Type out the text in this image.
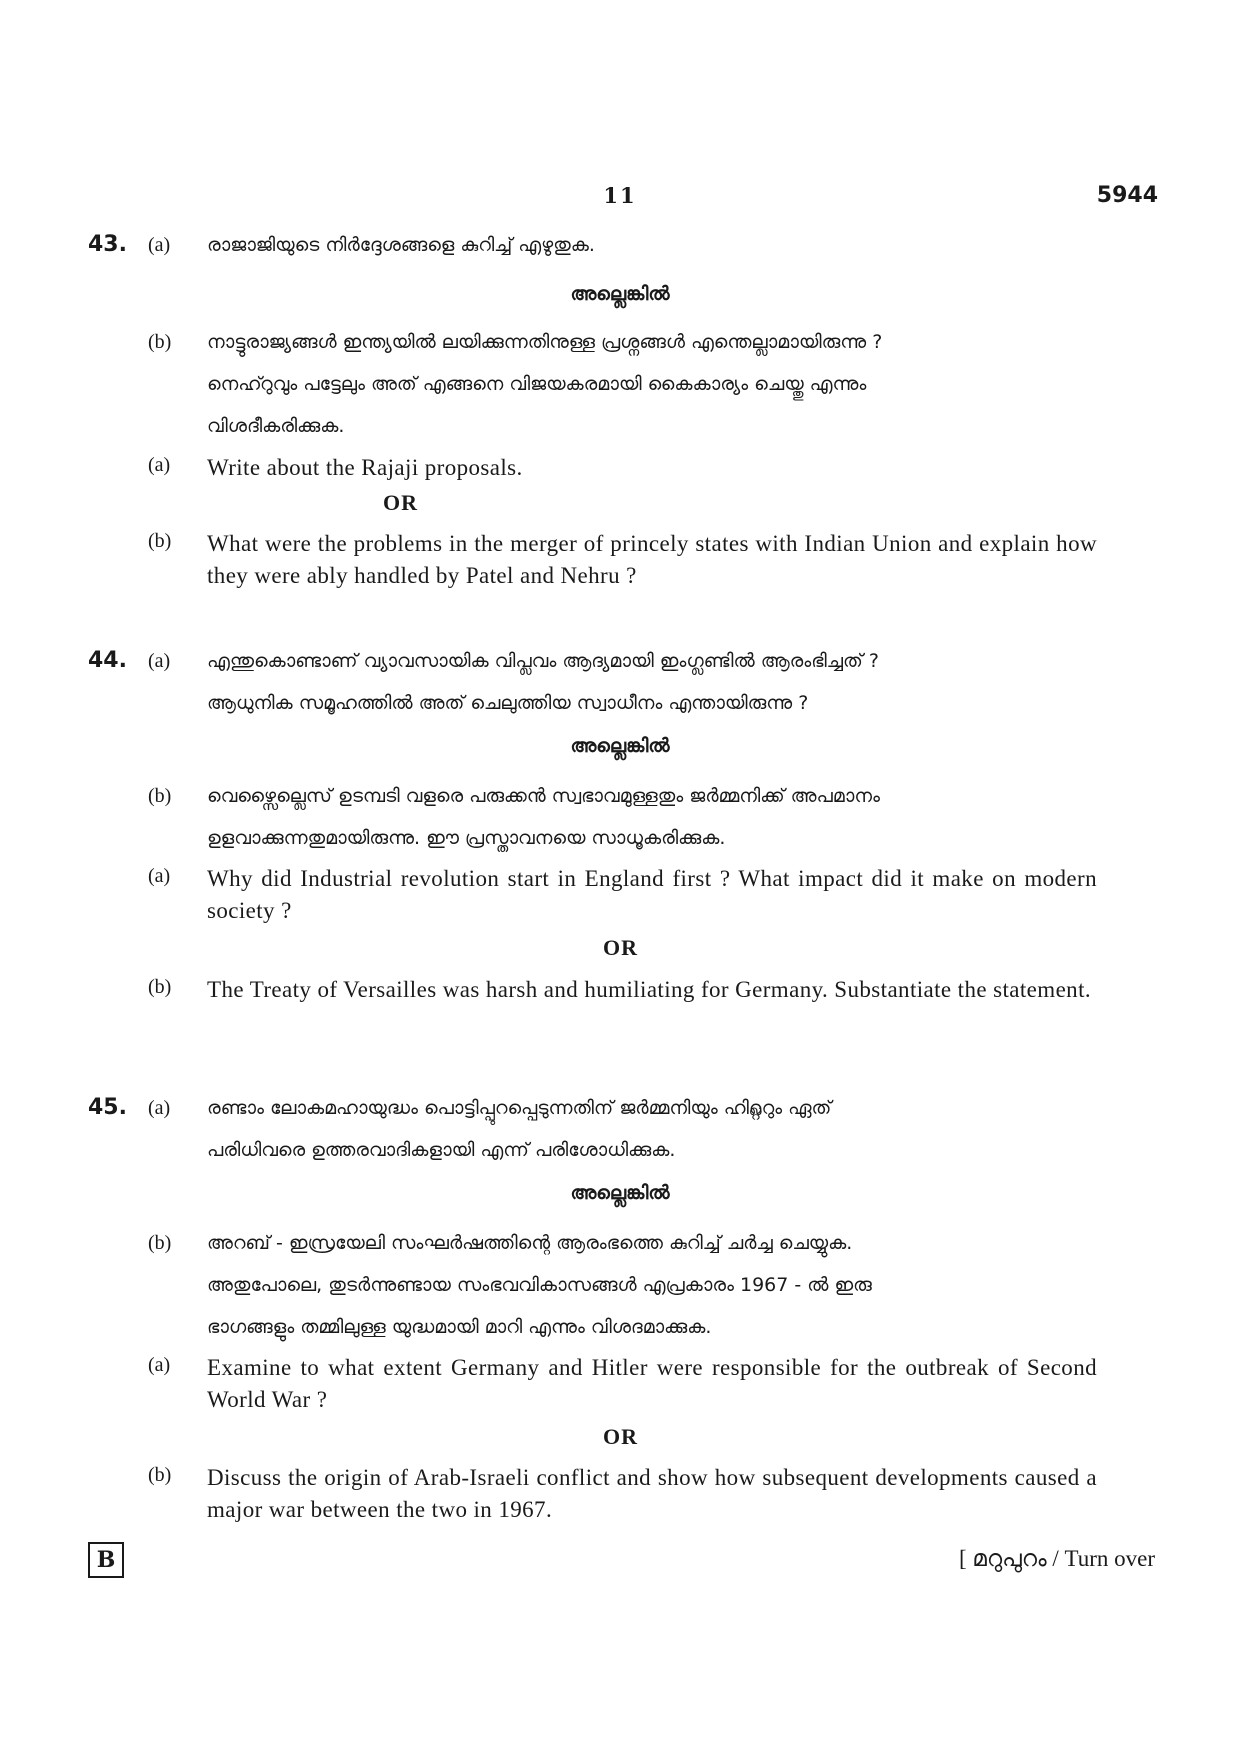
11	5944
43. (a) രാജാജിയുടെ നിർദ്ദേശങ്ങളെ കുറിച്ച് എഴുതുക.
അല്ലെങ്കിൽ
(b) നാട്ടുരാജ്യങ്ങൾ ഇന്ത്യയിൽ ലയിക്കുന്നതിനുള്ള പ്രശ്നങ്ങൾ എന്തെല്ലാമായിരുന്നു ?
നെഹ്റുവും പട്ടേലും അത് എങ്ങനെ വിജയകരമായി കൈകാര്യം ചെയ്തു എന്നും
വിശദീകരിക്കുക.
(a) Write about the Rajaji proposals.
OR
(b) What were the problems in the merger of princely states with Indian Union and explain how they were ably handled by Patel and Nehru ?
44. (a) എന്തുകൊണ്ടാണ് വ്യാവസായിക വിപ്ലവം ആദ്യമായി ഇംഗ്ലണ്ടിൽ ആരംഭിച്ചത് ?
ആധുനിക സമൂഹത്തിൽ അത് ചെലുത്തിയ സ്വാധീനം എന്തായിരുന്നു ?
അല്ലെങ്കിൽ
(b) വെഴ്സൈല്ലെസ് ഉടമ്പടി വളരെ പരുക്കൻ സ്വഭാവമുള്ളതും ജർമ്മനിക്ക് അപമാനം
ഉളവാക്കുന്നതുമായിരുന്നു. ഈ പ്രസ്താവനയെ സാധൂകരിക്കുക.
(a) Why did Industrial revolution start in England first ? What impact did it make on modern society ?
OR
(b) The Treaty of Versailles was harsh and humiliating for Germany. Substantiate the statement.
45. (a) രണ്ടാം ലോകമഹായുദ്ധം പൊട്ടിപ്പുറപ്പെടുന്നതിന് ജർമ്മനിയും ഹിറ്റ്ലറും ഏത്
പരിധിവരെ ഉത്തരവാദികളായി എന്ന് പരിശോധിക്കുക.
അല്ലെങ്കിൽ
(b) അറബ് - ഇസ്രയേലി സംഘർഷത്തിന്റെ ആരംഭത്തെ കുറിച്ച് ചർച്ച ചെയ്യുക.
അതുപോലെ, തുടർന്നുണ്ടായ സംഭവവികാസങ്ങൾ എപ്രകാരം 1967 - ൽ ഇരു
ഭാഗങ്ങളും തമ്മിലുള്ള യുദ്ധമായി മാറി എന്നും വിശദമാക്കുക.
(a) Examine to what extent Germany and Hitler were responsible for the outbreak of Second World War ?
OR
(b) Discuss the origin of Arab-Israeli conflict and show how subsequent developments caused a major war between the two in 1967.
B	[ മറുപുറം / Turn over
